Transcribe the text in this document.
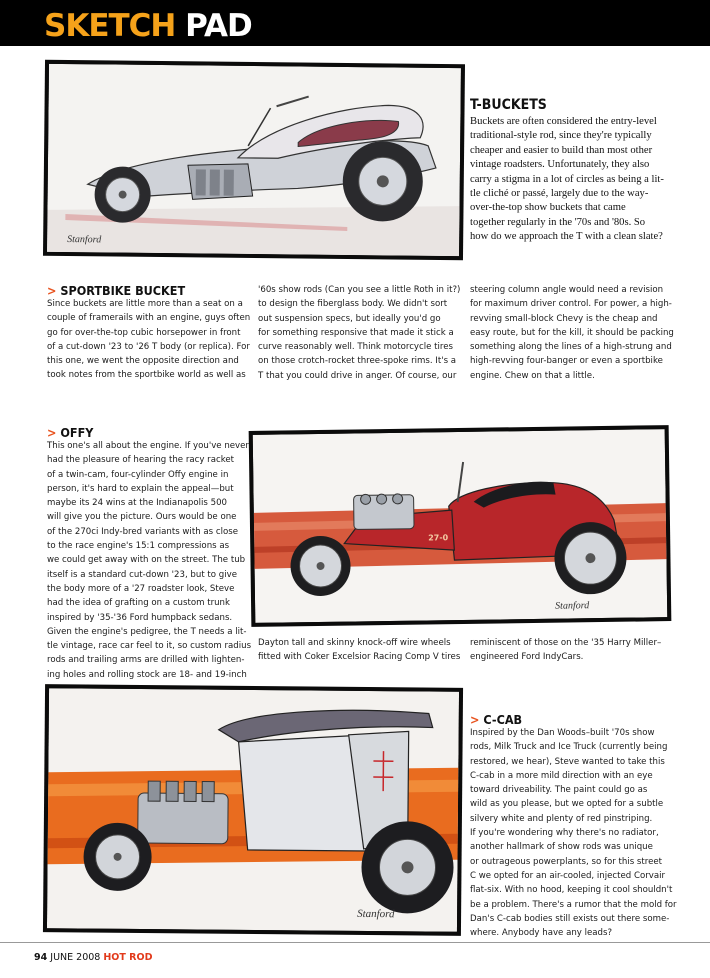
SKETCH PAD
Stanford
T-BUCKETS
Buckets are often considered the entry-level
traditional-style rod, since they're typically
cheaper and easier to build than most other
vintage roadsters. Unfortunately, they also
carry a stigma in a lot of circles as being a lit-
tle cliché or passé, largely due to the way-
over-the-top show buckets that came
together regularly in the '70s and '80s. So
how do we approach the T with a clean slate?
> SPORTBIKE BUCKET
Since buckets are little more than a seat on a
couple of framerails with an engine, guys often
go for over-the-top cubic horsepower in front
of a cut-down '23 to '26 T body (or replica). For
this one, we went the opposite direction and
took notes from the sportbike world as well as
'60s show rods (Can you see a little Roth in it?)
to design the fiberglass body. We didn't sort
out suspension specs, but ideally you'd go
for something responsive that made it stick a
curve reasonably well. Think motorcycle tires
on those crotch-rocket three-spoke rims. It's a
T that you could drive in anger. Of course, our
steering column angle would need a revision
for maximum driver control. For power, a high-
revving small-block Chevy is the cheap and
easy route, but for the kill, it should be packing
something along the lines of a high-strung and
high-revving four-banger or even a sportbike
engine. Chew on that a little.
> OFFY
This one's all about the engine. If you've never
had the pleasure of hearing the racy racket
of a twin-cam, four-cylinder Offy engine in
person, it's hard to explain the appeal—but
maybe its 24 wins at the Indianapolis 500
will give you the picture. Ours would be one
of the 270ci Indy-bred variants with as close
to the race engine's 15:1 compressions as
we could get away with on the street. The tub
itself is a standard cut-down '23, but to give
the body more of a '27 roadster look, Steve
had the idea of grafting on a custom trunk
inspired by '35-'36 Ford humpback sedans.
Given the engine's pedigree, the T needs a lit-
tle vintage, race car feel to it, so custom radius
rods and trailing arms are drilled with lighten-
ing holes and rolling stock are 18- and 19-inch
27-0
Stanford
Dayton tall and skinny knock-off wire wheels
fitted with Coker Excelsior Racing Comp V tires
reminiscent of those on the '35 Harry Miller–
engineered Ford IndyCars.
Stanford
> C-CAB
Inspired by the Dan Woods–built '70s show
rods, Milk Truck and Ice Truck (currently being
restored, we hear), Steve wanted to take this
C-cab in a more mild direction with an eye
toward driveability. The paint could go as
wild as you please, but we opted for a subtle
silvery white and plenty of red pinstriping.
If you're wondering why there's no radiator,
another hallmark of show rods was unique
or outrageous powerplants, so for this street
C we opted for an air-cooled, injected Corvair
flat-six. With no hood, keeping it cool shouldn't
be a problem. There's a rumor that the mold for
Dan's C-cab bodies still exists out there some-
where. Anybody have any leads?
94 JUNE 2008 HOT ROD
